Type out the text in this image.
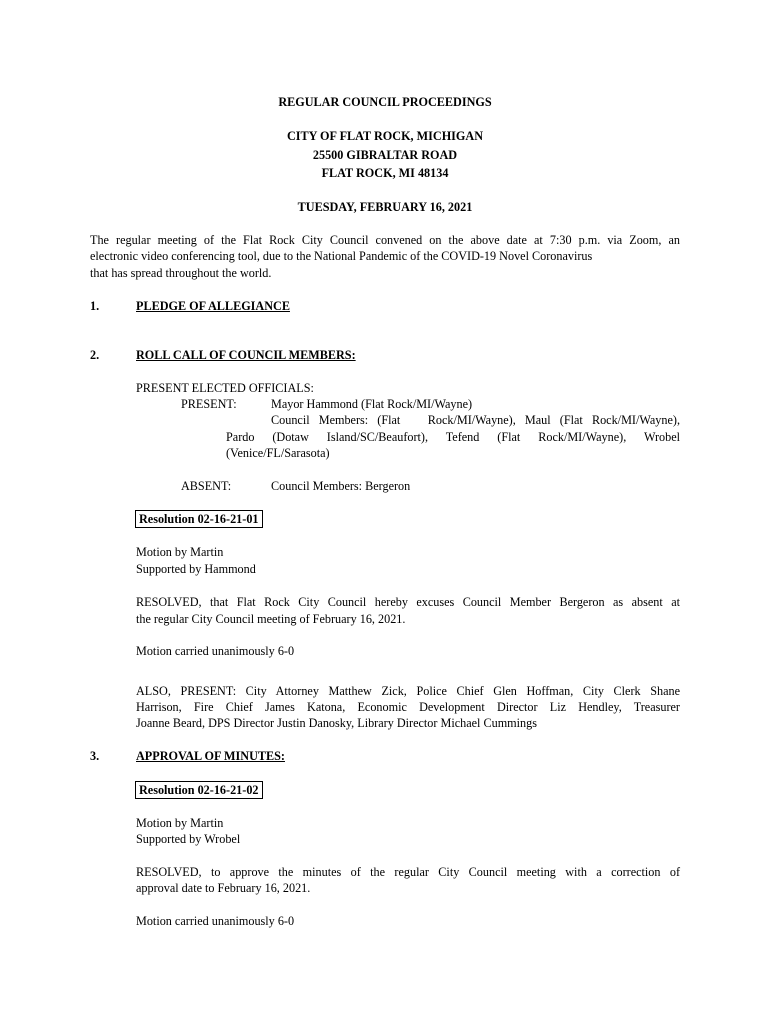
REGULAR COUNCIL PROCEEDINGS
CITY OF FLAT ROCK, MICHIGAN
25500 GIBRALTAR ROAD
FLAT ROCK, MI 48134
TUESDAY, FEBRUARY 16, 2021
The regular meeting of the Flat Rock City Council convened on the above date at 7:30 p.m. via Zoom, an
electronic video conferencing tool, due to the National Pandemic of the COVID-19 Novel Coronavirus
that has spread throughout the world.
1.	PLEDGE OF ALLEGIANCE
2.	ROLL CALL OF COUNCIL MEMBERS:
PRESENT ELECTED OFFICIALS:
PRESENT:	Mayor Hammond (Flat Rock/MI/Wayne)
Council Members: (Flat   Rock/MI/Wayne), Maul (Flat Rock/MI/Wayne),
Pardo (Dotaw Island/SC/Beaufort), Tefend (Flat Rock/MI/Wayne), Wrobel
(Venice/FL/Sarasota)
ABSENT:	Council Members: Bergeron
Resolution 02-16-21-01
Motion by Martin
Supported by Hammond
RESOLVED, that Flat Rock City Council hereby excuses Council Member Bergeron as absent at
the regular City Council meeting of February 16, 2021.
Motion carried unanimously 6-0
ALSO, PRESENT: City Attorney Matthew Zick, Police Chief Glen Hoffman, City Clerk Shane
Harrison, Fire Chief James Katona, Economic Development Director Liz Hendley, Treasurer
Joanne Beard, DPS Director Justin Danosky, Library Director Michael Cummings
3.	APPROVAL OF MINUTES:
Resolution 02-16-21-02
Motion by Martin
Supported by Wrobel
RESOLVED, to approve the minutes of the regular City Council meeting with a correction of
approval date to February 16, 2021.
Motion carried unanimously 6-0
